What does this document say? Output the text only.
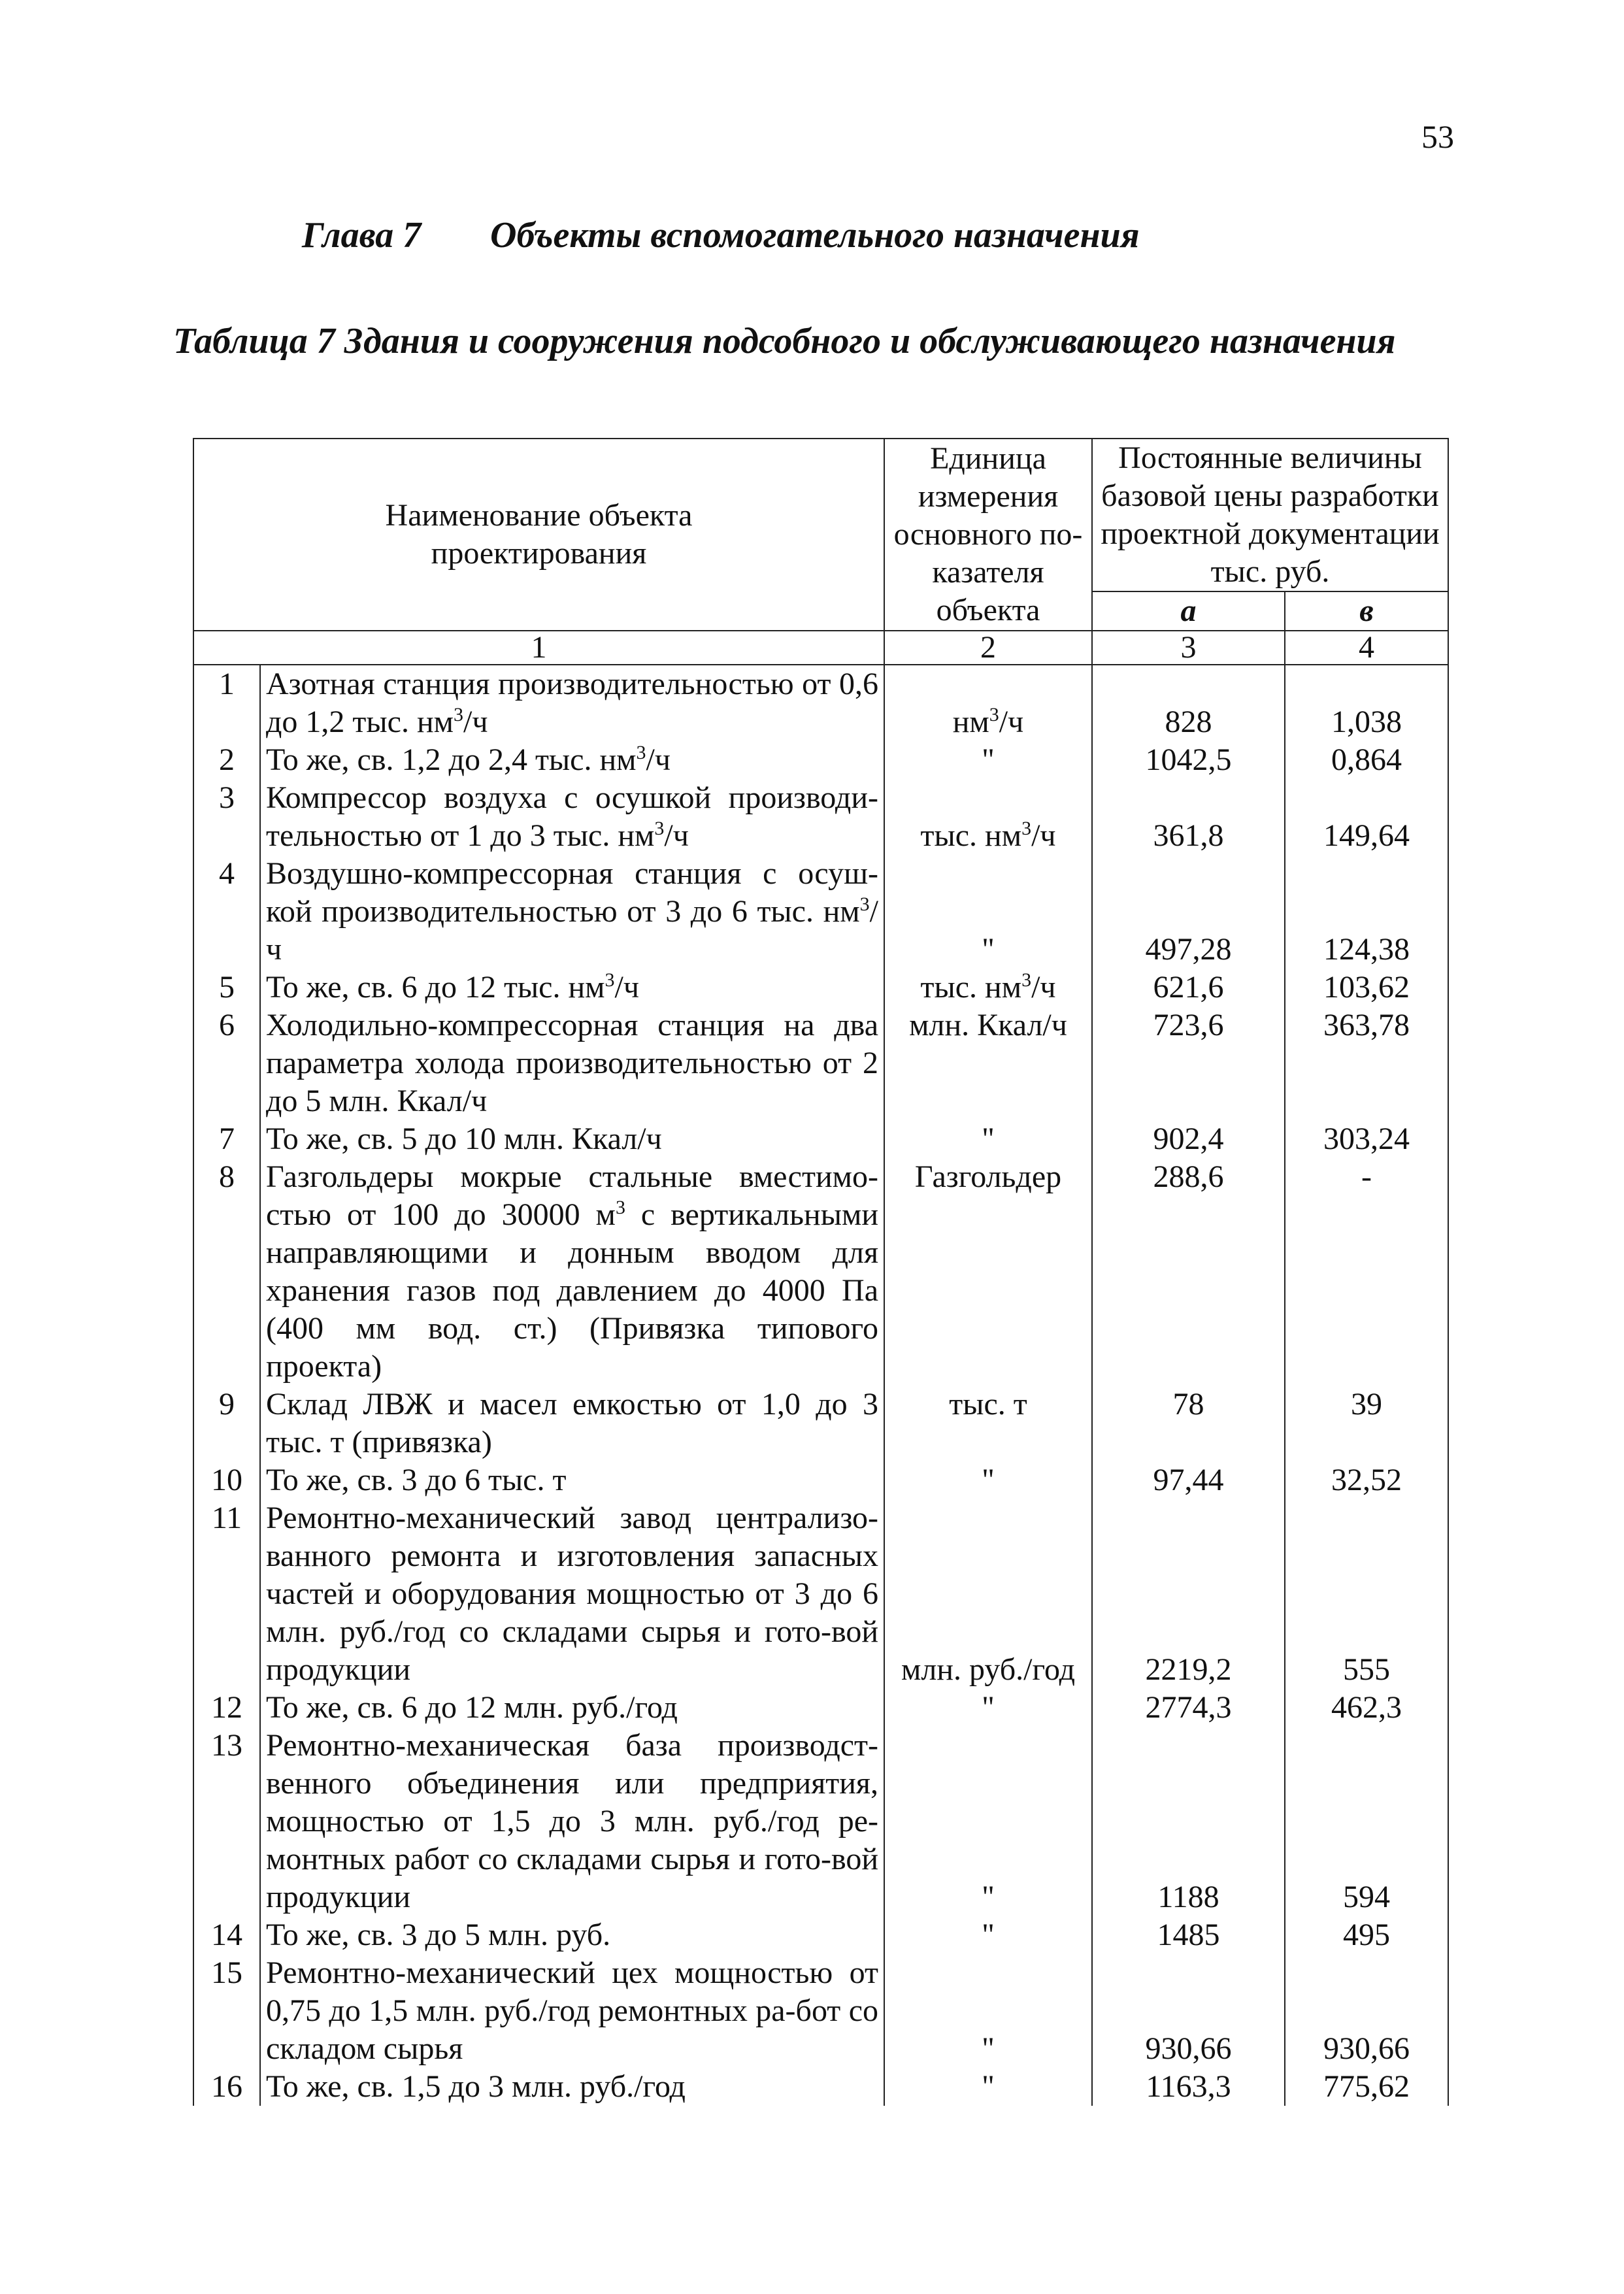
53
Глава 7 Объекты вспомогательного назначения
Таблица 7 Здания и сооружения подсобного и обслуживающего назначения
Наименование объекта проектирования		Единица измерения основного по-казателя объекта	Постоянные величины базовой цены разработки проектной документации тыс. руб.	
			а	в
1		2	3	4
1	Азотная станция производительностью от 0,6 до 1,2 тыс. $нм^3/ч$	$нм^3/ч$	828	1,038
2	То же, св. 1,2 до 2,4 тыс. $нм^3/ч$	"	1042,5	0,864
3	Компрессор воздуха с осушкой производи-тельностью от 1 до 3 тыс. $нм^3/ч$	тыс. $нм^3/ч$	361,8	149,64
4	Воздушно-компрессорная станция с осуш-кой производительностью от 3 до 6 тыс. $нм^3/ч$	"	497,28	124,38
5	То же, св. 6 до 12 тыс. $нм^3/ч$	тыс. $нм^3/ч$	621,6	103,62
6	Холодильно-компрессорная станция на два параметра холода производительностью от 2 до 5 млн. Ккал/ч	млн. Ккал/ч	723,6	363,78
7	То же, св. 5 до 10 млн. Ккал/ч	"	902,4	303,24
8	Газгольдеры мокрые стальные вместимо-стью от 100 до 30000 $м^3$ с вертикальными направляющими и донным вводом для хранения газов под давлением до 4000 Па (400 мм вод. ст.) (Привязка типового проекта)	Газгольдер	288,6	-
9	Склад ЛВЖ и масел емкостью от 1,0 до 3 тыс. т (привязка)	тыс. т	78	39
10	То же, св. 3 до 6 тыс. т	"	97,44	32,52
11	Ремонтно-механический завод централизо-ванного ремонта и изготовления запасных частей и оборудования мощностью от 3 до 6 млн. руб./год со складами сырья и гото-вой продукции	млн. руб./год	2219,2	555
12	То же, св. 6 до 12 млн. руб./год	"	2774,3	462,3
13	Ремонтно-механическая база производст-венного объединения или предприятия, мощностью от 1,5 до 3 млн. руб./год ре-монтных работ со складами сырья и гото-вой продукции	"	1188	594
14	То же, св. 3 до 5 млн. руб.	"	1485	495
15	Ремонтно-механический цех мощностью от 0,75 до 1,5 млн. руб./год ремонтных ра-бот со складом сырья	"	930,66	930,66
16	То же, св. 1,5 до 3 млн. руб./год	"	1163,3	775,62
